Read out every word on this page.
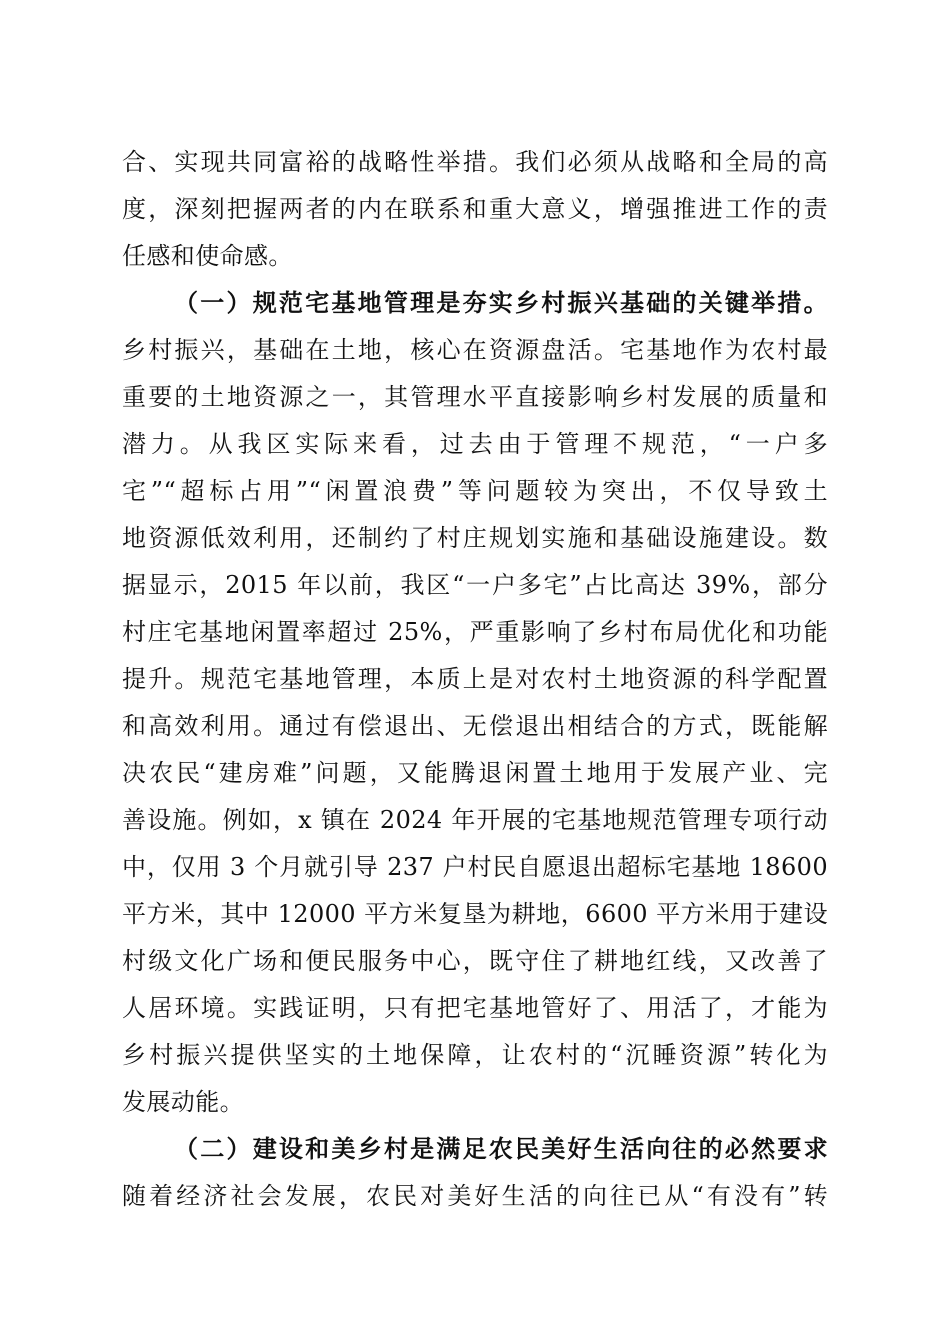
合、实现共同富裕的战略性举措。我们必须从战略和全局的高
度，深刻把握两者的内在联系和重大意义，增强推进工作的责
任感和使命感。
（一）规范宅基地管理是夯实乡村振兴基础的关键举措。
乡村振兴，基础在土地，核心在资源盘活。宅基地作为农村最
重要的土地资源之一，其管理水平直接影响乡村发展的质量和
潜力。从我区实际来看，过去由于管理不规范，“一户多
宅”“超标占用”“闲置浪费”等问题较为突出，不仅导致土
地资源低效利用，还制约了村庄规划实施和基础设施建设。数
据显示，2015 年以前，我区“一户多宅”占比高达 39%，部分
村庄宅基地闲置率超过 25%，严重影响了乡村布局优化和功能
提升。规范宅基地管理，本质上是对农村土地资源的科学配置
和高效利用。通过有偿退出、无偿退出相结合的方式，既能解
决农民“建房难”问题，又能腾退闲置土地用于发展产业、完
善设施。例如，x 镇在 2024 年开展的宅基地规范管理专项行动
中，仅用 3 个月就引导 237 户村民自愿退出超标宅基地 18600
平方米，其中 12000 平方米复垦为耕地，6600 平方米用于建设
村级文化广场和便民服务中心，既守住了耕地红线，又改善了
人居环境。实践证明，只有把宅基地管好了、用活了，才能为
乡村振兴提供坚实的土地保障，让农村的“沉睡资源”转化为
发展动能。
（二）建设和美乡村是满足农民美好生活向往的必然要求
随着经济社会发展，农民对美好生活的向往已从“有没有”转
